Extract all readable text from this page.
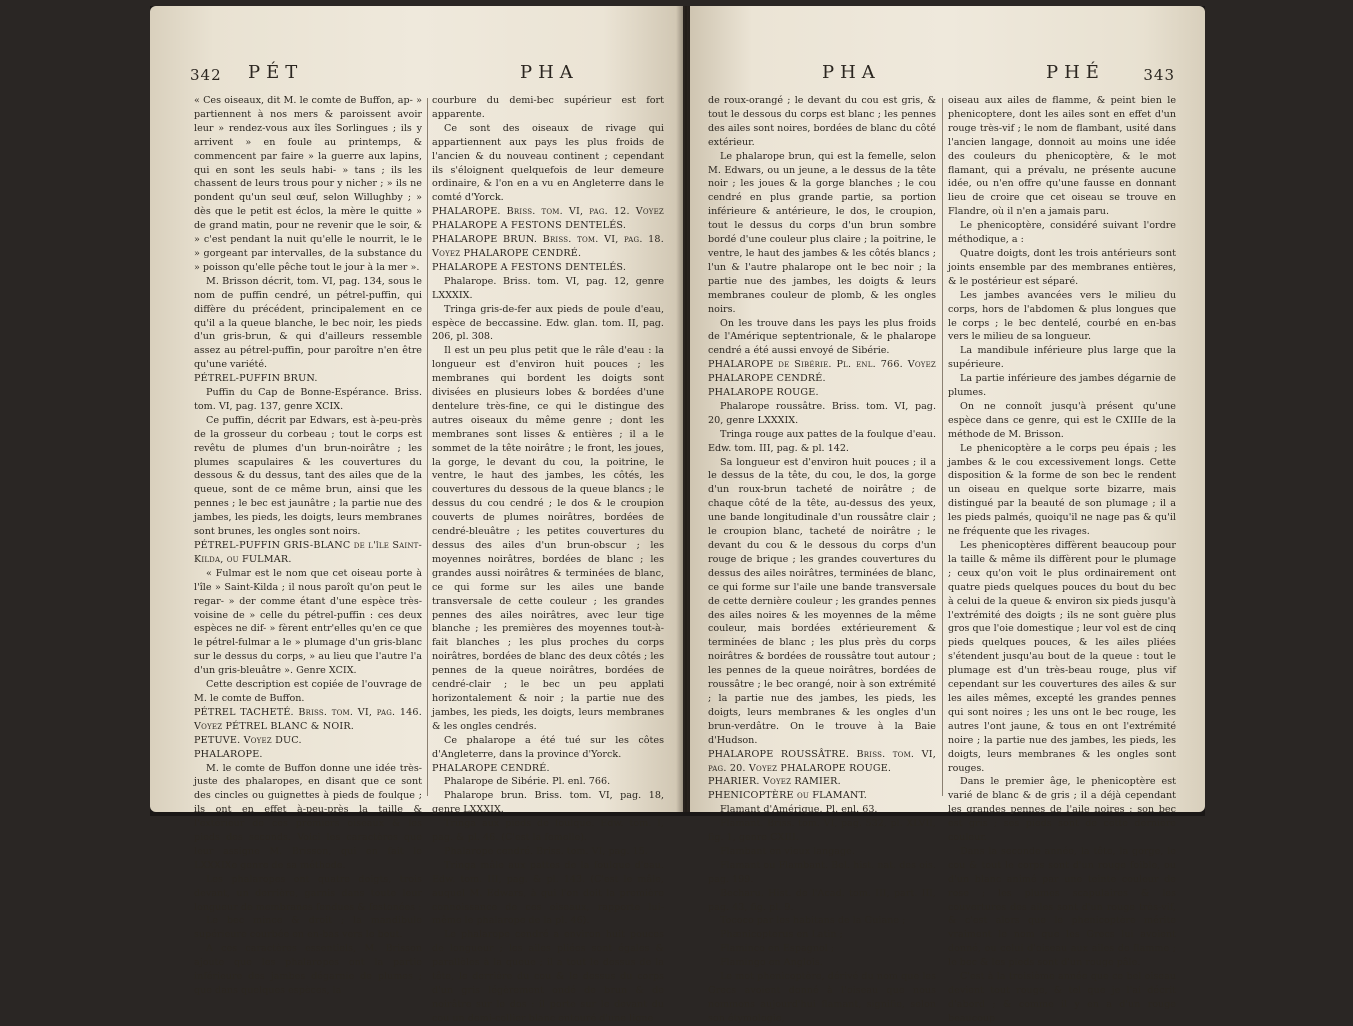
342 PÉT	PHA

« Ces oiseaux, dit M. le comte de Buffon, ap- » partiennent à nos mers & paroissent avoir leur » rendez-vous aux îles Sorlingues ; ils y arrivent » en foule au printemps, & commencent par faire » la guerre aux lapins, qui en sont les seuls habi- » tans ; ils les chassent de leurs trous pour y nicher ; » ils ne pondent qu'un seul œuf, selon Willughby ; » dès que le petit est éclos, la mère le quitte » de grand matin, pour ne revenir que le soir, & » c'est pendant la nuit qu'elle le nourrit, le le » gorgeant par intervalles, de la substance du » poisson qu'elle pêche tout le jour à la mer ».

M. Brisson décrit, tom. VI, pag. 134, sous le nom de puffin cendré, un pétrel-puffin, qui diffère du précédent, principalement en ce qu'il a la queue blanche, le bec noir, les pieds d'un gris-brun, & qui d'ailleurs ressemble assez au pétrel-puffin, pour paroître n'en être qu'une variété.

PÉTREL-PUFFIN BRUN.

Puffin du Cap de Bonne-Espérance. Briss. tom. VI, pag. 137, genre XCIX.

Ce puffin, décrit par Edwars, est à-peu-près de la grosseur du corbeau ; tout le corps est revêtu de plumes d'un brun-noirâtre ; les plumes scapulaires & les couvertures du dessous & du dessus, tant des ailes que de la queue, sont de ce même brun, ainsi que les pennes ; le bec est jaunâtre ; la partie nue des jambes, les pieds, les doigts, leurs membranes sont brunes, les ongles sont noirs.

PÉTREL-PUFFIN GRIS-BLANC de l'île Saint-Kilda, ou FULMAR.

« Fulmar est le nom que cet oiseau porte à l'île » Saint-Kilda ; il nous paroît qu'on peut le regar- » der comme étant d'une espèce très-voisine de » celle du pétrel-puffin : ces deux espèces ne dif- » fèrent entr'elles qu'en ce que le pétrel-fulmar a le » plumage d'un gris-blanc sur le dessus du corps, » au lieu que l'autre l'a d'un gris-bleuâtre ». Genre XCIX.

Cette description est copiée de l'ouvrage de M. le comte de Buffon.

PÉTREL TACHETÉ. Briss. tom. VI, pag. 146. Voyez PÉTREL BLANC & NOIR.

PETUVE. Voyez DUC.

PHALAROPE.

M. le comte de Buffon donne une idée très-juste des phalaropes, en disant que ce sont des cincles ou guignettes à pieds de foulque ; ils ont en effet à-peu-près la taille & l'extérieur de ces premiers oiseaux & les pieds des seconds. Voici les caractères que leur assigne M. Brisson, qui en fait le LXXXIXe genre de sa méthode.

Les phalaropes ont quatre doigts, trois devant, un derrière, garnis dans toute leur longueur de membranes fendues & festonées :

Le bec mince & droit ; la mandibule supérieure courbée en en-bas vers le bout.

A ces caractères essentiels, M. Brisson ajoute que les phalaropes ont la partie inférieure des jambes dégarnie de plumes ; que dans quelques espèces, la

courbure du demi-bec supérieur est fort apparente.

Ce sont des oiseaux de rivage qui appartiennent aux pays les plus froids de l'ancien & du nouveau continent ; cependant ils s'éloignent quelquefois de leur demeure ordinaire, & l'on en a vu en Angleterre dans le comté d'Yorck.

PHALAROPE. Briss. tom. VI, pag. 12. Voyez PHALAROPE A FESTONS DENTELÉS.

PHALAROPE BRUN. Briss. tom. VI, pag. 18. Voyez PHALAROPE CENDRÉ.

PHALAROPE A FESTONS DENTELÉS.

Phalarope. Briss. tom. VI, pag. 12, genre LXXXIX.

Tringa gris-de-fer aux pieds de poule d'eau, espèce de beccassine. Edw. glan. tom. II, pag. 206, pl. 308.

Il est un peu plus petit que le râle d'eau : la longueur est d'environ huit pouces ; les membranes qui bordent les doigts sont divisées en plusieurs lobes & bordées d'une dentelure très-fine, ce qui le distingue des autres oiseaux du même genre ; dont les membranes sont lisses & entières ; il a le sommet de la tête noirâtre ; le front, les joues, la gorge, le devant du cou, la poitrine, le ventre, le haut des jambes, les côtés, les couvertures du dessous de la queue blancs ; le dessus du cou cendré ; le dos & le croupion couverts de plumes noirâtres, bordées de cendré-bleuâtre ; les petites couvertures du dessus des ailes d'un brun-obscur ; les moyennes noirâtres, bordées de blanc ; les grandes aussi noirâtres & terminées de blanc, ce qui forme sur les ailes une bande transversale de cette couleur ; les grandes pennes des ailes noirâtres, avec leur tige blanche ; les premières des moyennes tout-à-fait blanches ; les plus proches du corps noirâtres, bordées de blanc des deux côtés ; les pennes de la queue noirâtres, bordées de cendré-clair ; le bec un peu applati horizontalement & noir ; la partie nue des jambes, les pieds, les doigts, leurs membranes & les ongles cendrés.

Ce phalarope a été tué sur les côtes d'Angleterre, dans la province d'Yorck.

PHALAROPE CENDRÉ.

Phalarope de Sibérie. Pl. enl. 766.

Phalarope brun. Briss. tom. VI, pag. 18, genre LXXXIX.

Tringa aux pieds de foulque. Edw. tom. I, pag. & pl. 46. (C'est la femelle).

Phalarope cendré. Briss. tom. VI, pag. 15.

Tringa mâle aux pattes de la foulque d'eau. Edw. tom. III, pag. & pl. 143. (C'est le mâle, auquel M. Edwars, à qui l'on doit la première connoissance de ces oiseaux, rapporte lui-même le phalarope de la pl. 46).

Le phalarope cendré a environ huit pouces de longueur ; les ailes pliées sont égales & parallèles à la queue ; il a tout le dessus de la tête, le derrière du cou & le dessus du corps d'un gris légèrement ondé de brun & de noirâtre sur le dos : il porte sur le devant du cou un demi-collier blanc entouré d'une ligne

PHA	PHÉ	343

de roux-orangé ; le devant du cou est gris, & tout le dessous du corps est blanc ; les pennes des ailes sont noires, bordées de blanc du côté extérieur.

Le phalarope brun, qui est la femelle, selon M. Edwars, ou un jeune, a le dessus de la tête noir ; les joues & la gorge blanches ; le cou cendré en plus grande partie, sa portion inférieure & antérieure, le dos, le croupion, tout le dessus du corps d'un brun sombre bordé d'une couleur plus claire ; la poitrine, le ventre, le haut des jambes & les côtés blancs ; l'un & l'autre phalarope ont le bec noir ; la partie nue des jambes, les doigts & leurs membranes couleur de plomb, & les ongles noirs.

On les trouve dans les pays les plus froids de l'Amérique septentrionale, & le phalarope cendré a été aussi envoyé de Sibérie.

PHALAROPE de Sibérie. Pl. enl. 766. Voyez PHALAROPE CENDRÉ.

PHALAROPE ROUGE.

Phalarope roussâtre. Briss. tom. VI, pag. 20, genre LXXXIX.

Tringa rouge aux pattes de la foulque d'eau. Edw. tom. III, pag. & pl. 142.

Sa longueur est d'environ huit pouces ; il a le dessus de la tête, du cou, le dos, la gorge d'un roux-brun tacheté de noirâtre ; de chaque côté de la tête, au-dessus des yeux, une bande longitudinale d'un roussâtre clair ; le croupion blanc, tacheté de noirâtre ; le devant du cou & le dessous du corps d'un rouge de brique ; les grandes couvertures du dessus des ailes noirâtres, terminées de blanc, ce qui forme sur l'aile une bande transversale de cette dernière couleur ; les grandes pennes des ailes noires & les moyennes de la même couleur, mais bordées extérieurement & terminées de blanc ; les plus près du corps noirâtres & bordées de roussâtre tout autour ; les pennes de la queue noirâtres, bordées de roussâtre ; le bec orangé, noir à son extrémité ; la partie nue des jambes, les pieds, les doigts, leurs membranes & les ongles d'un brun-verdâtre. On le trouve à la Baie d'Hudson.

PHALAROPE ROUSSÂTRE. Briss. tom. VI, pag. 20. Voyez PHALAROPE ROUGE.

PHARIER. Voyez RAMIER.

PHENICOPTÈRE ou FLAMANT.

Flamant d'Amérique. Pl. enl. 63.

Flamant. Briss. tom. VI, pag. 532, pl. XLVII, fig. 1, genre CXIII.

Flambant en vieux langage.

Flamant ou Flambant. Bel. hist. nat. des ois. pag. 199.

Becharu. Hist. de l'Acad. tom. III, part. III, pag. 43, fig. pl. 9.

Tococo par les habitans de la Guiane ;

Phænicopterus en Latin ;

Flaminco en Espagnol ;

Flamingo en Anglois.

Le mot phenicoptère, dérivé du nom que les Grecs avoient donné à l'oiseau que nous nommons aujourd'hui flamant, signifie, selon son étymologie,

oiseau aux ailes de flamme, & peint bien le phenicoptere, dont les ailes sont en effet d'un rouge très-vif ; le nom de flambant, usité dans l'ancien langage, donnoit au moins une idée des couleurs du phenicoptère, & le mot flamant, qui a prévalu, ne présente aucune idée, ou n'en offre qu'une fausse en donnant lieu de croire que cet oiseau se trouve en Flandre, où il n'en a jamais paru.

Le phenicoptère, considéré suivant l'ordre méthodique, a :

Quatre doigts, dont les trois antérieurs sont joints ensemble par des membranes entières, & le postérieur est séparé.

Les jambes avancées vers le milieu du corps, hors de l'abdomen & plus longues que le corps ; le bec dentelé, courbé en en-bas vers le milieu de sa longueur.

La mandibule inférieure plus large que la supérieure.

La partie inférieure des jambes dégarnie de plumes.

On ne connoît jusqu'à présent qu'une espèce dans ce genre, qui est le CXIIIe de la méthode de M. Brisson.

Le phenicoptère a le corps peu épais ; les jambes & le cou excessivement longs. Cette disposition & la forme de son bec le rendent un oiseau en quelque sorte bizarre, mais distingué par la beauté de son plumage ; il a les pieds palmés, quoiqu'il ne nage pas & qu'il ne fréquente que les rivages.

Les phenicoptères diffèrent beaucoup pour la taille & même ils diffèrent pour le plumage ; ceux qu'on voit le plus ordinairement ont quatre pieds quelques pouces du bout du bec à celui de la queue & environ six pieds jusqu'à l'extrémité des doigts ; ils ne sont guère plus gros que l'oie domestique ; leur vol est de cinq pieds quelques pouces, & les ailes pliées s'étendent jusqu'au bout de la queue : tout le plumage est d'un très-beau rouge, plus vif cependant sur les couvertures des ailes & sur les ailes mêmes, excepté les grandes pennes qui sont noires ; les uns ont le bec rouge, les autres l'ont jaune, & tous en ont l'extrémité noire ; la partie nue des jambes, les pieds, les doigts, leurs membranes & les ongles sont rouges.

Dans le premier âge, le phenicoptère est varié de blanc & de gris ; il a déjà cependant les grandes pennes de l'aile noires ; son bec est gris ; ses pieds sont de cette dernière couleur.

Dans la seconde année, la tête, la gorge, le cou & tout le corps sont d'un rouge foible, ou d'un blanc animé par une teinte couleur de rose ; les plumes scapulaires & les couvertures des ailes sont d'un rouge très-vif, & c'est alors que le phenicoptère mérite vraiment le nom que les Grecs lui avoient donné, ou celui d'oiseau aux ailes de flamme ; le bec & les pieds sont d'un rouge pâle.

C'est à la troisième année que ce bel oiseau devient tout rouge, & tel que je l'ai décrit d'abord ; & comme il y en a d'un rouge beaucoup
